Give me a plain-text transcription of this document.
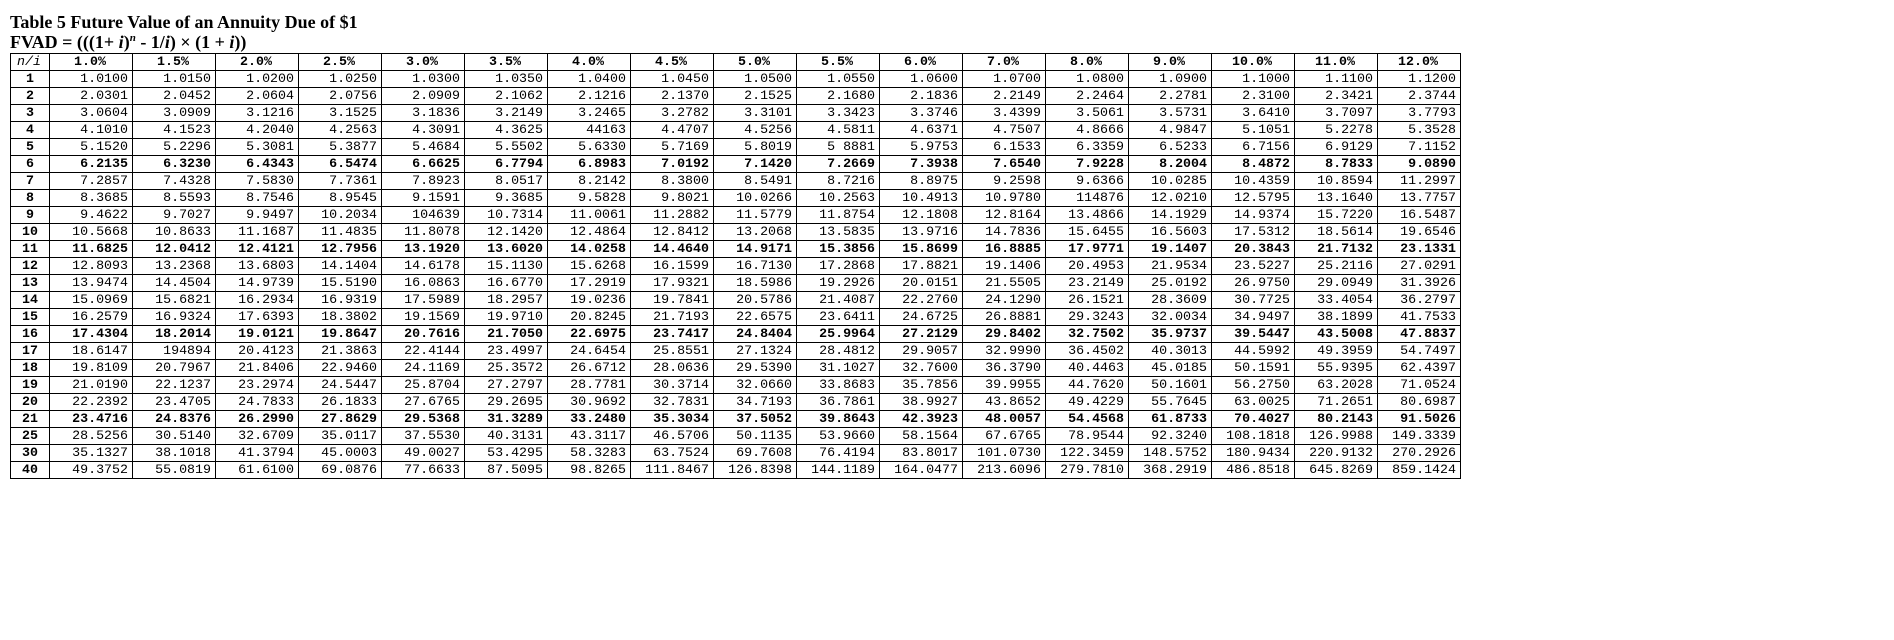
Table 5 Future Value of an Annuity Due of $1
FVAD = $(((1+ i)^n - 1/i) \times (1 + i))$
n/i	1.0%	1.5%	2.0%	2.5%	3.0%	3.5%	4.0%	4.5%	5.0%	5.5%	6.0%	7.0%	8.0%	9.0%	10.0%	11.0%	12.0%
1	1.0100	1.0150	1.0200	1.0250	1.0300	1.0350	1.0400	1.0450	1.0500	1.0550	1.0600	1.0700	1.0800	1.0900	1.1000	1.1100	1.1200
2	2.0301	2.0452	2.0604	2.0756	2.0909	2.1062	2.1216	2.1370	2.1525	2.1680	2.1836	2.2149	2.2464	2.2781	2.3100	2.3421	2.3744
3	3.0604	3.0909	3.1216	3.1525	3.1836	3.2149	3.2465	3.2782	3.3101	3.3423	3.3746	3.4399	3.5061	3.5731	3.6410	3.7097	3.7793
4	4.1010	4.1523	4.2040	4.2563	4.3091	4.3625	44163	4.4707	4.5256	4.5811	4.6371	4.7507	4.8666	4.9847	5.1051	5.2278	5.3528
5	5.1520	5.2296	5.3081	5.3877	5.4684	5.5502	5.6330	5.7169	5.8019	5 8881	5.9753	6.1533	6.3359	6.5233	6.7156	6.9129	7.1152
6	6.2135	6.3230	6.4343	6.5474	6.6625	6.7794	6.8983	7.0192	7.1420	7.2669	7.3938	7.6540	7.9228	8.2004	8.4872	8.7833	9.0890
7	7.2857	7.4328	7.5830	7.7361	7.8923	8.0517	8.2142	8.3800	8.5491	8.7216	8.8975	9.2598	9.6366	10.0285	10.4359	10.8594	11.2997
8	8.3685	8.5593	8.7546	8.9545	9.1591	9.3685	9.5828	9.8021	10.0266	10.2563	10.4913	10.9780	114876	12.0210	12.5795	13.1640	13.7757
9	9.4622	9.7027	9.9497	10.2034	104639	10.7314	11.0061	11.2882	11.5779	11.8754	12.1808	12.8164	13.4866	14.1929	14.9374	15.7220	16.5487
10	10.5668	10.8633	11.1687	11.4835	11.8078	12.1420	12.4864	12.8412	13.2068	13.5835	13.9716	14.7836	15.6455	16.5603	17.5312	18.5614	19.6546
11	11.6825	12.0412	12.4121	12.7956	13.1920	13.6020	14.0258	14.4640	14.9171	15.3856	15.8699	16.8885	17.9771	19.1407	20.3843	21.7132	23.1331
12	12.8093	13.2368	13.6803	14.1404	14.6178	15.1130	15.6268	16.1599	16.7130	17.2868	17.8821	19.1406	20.4953	21.9534	23.5227	25.2116	27.0291
13	13.9474	14.4504	14.9739	15.5190	16.0863	16.6770	17.2919	17.9321	18.5986	19.2926	20.0151	21.5505	23.2149	25.0192	26.9750	29.0949	31.3926
14	15.0969	15.6821	16.2934	16.9319	17.5989	18.2957	19.0236	19.7841	20.5786	21.4087	22.2760	24.1290	26.1521	28.3609	30.7725	33.4054	36.2797
15	16.2579	16.9324	17.6393	18.3802	19.1569	19.9710	20.8245	21.7193	22.6575	23.6411	24.6725	26.8881	29.3243	32.0034	34.9497	38.1899	41.7533
16	17.4304	18.2014	19.0121	19.8647	20.7616	21.7050	22.6975	23.7417	24.8404	25.9964	27.2129	29.8402	32.7502	35.9737	39.5447	43.5008	47.8837
17	18.6147	194894	20.4123	21.3863	22.4144	23.4997	24.6454	25.8551	27.1324	28.4812	29.9057	32.9990	36.4502	40.3013	44.5992	49.3959	54.7497
18	19.8109	20.7967	21.8406	22.9460	24.1169	25.3572	26.6712	28.0636	29.5390	31.1027	32.7600	36.3790	40.4463	45.0185	50.1591	55.9395	62.4397
19	21.0190	22.1237	23.2974	24.5447	25.8704	27.2797	28.7781	30.3714	32.0660	33.8683	35.7856	39.9955	44.7620	50.1601	56.2750	63.2028	71.0524
20	22.2392	23.4705	24.7833	26.1833	27.6765	29.2695	30.9692	32.7831	34.7193	36.7861	38.9927	43.8652	49.4229	55.7645	63.0025	71.2651	80.6987
21	23.4716	24.8376	26.2990	27.8629	29.5368	31.3289	33.2480	35.3034	37.5052	39.8643	42.3923	48.0057	54.4568	61.8733	70.4027	80.2143	91.5026
25	28.5256	30.5140	32.6709	35.0117	37.5530	40.3131	43.3117	46.5706	50.1135	53.9660	58.1564	67.6765	78.9544	92.3240	108.1818	126.9988	149.3339
30	35.1327	38.1018	41.3794	45.0003	49.0027	53.4295	58.3283	63.7524	69.7608	76.4194	83.8017	101.0730	122.3459	148.5752	180.9434	220.9132	270.2926
40	49.3752	55.0819	61.6100	69.0876	77.6633	87.5095	98.8265	111.8467	126.8398	144.1189	164.0477	213.6096	279.7810	368.2919	486.8518	645.8269	859.1424
